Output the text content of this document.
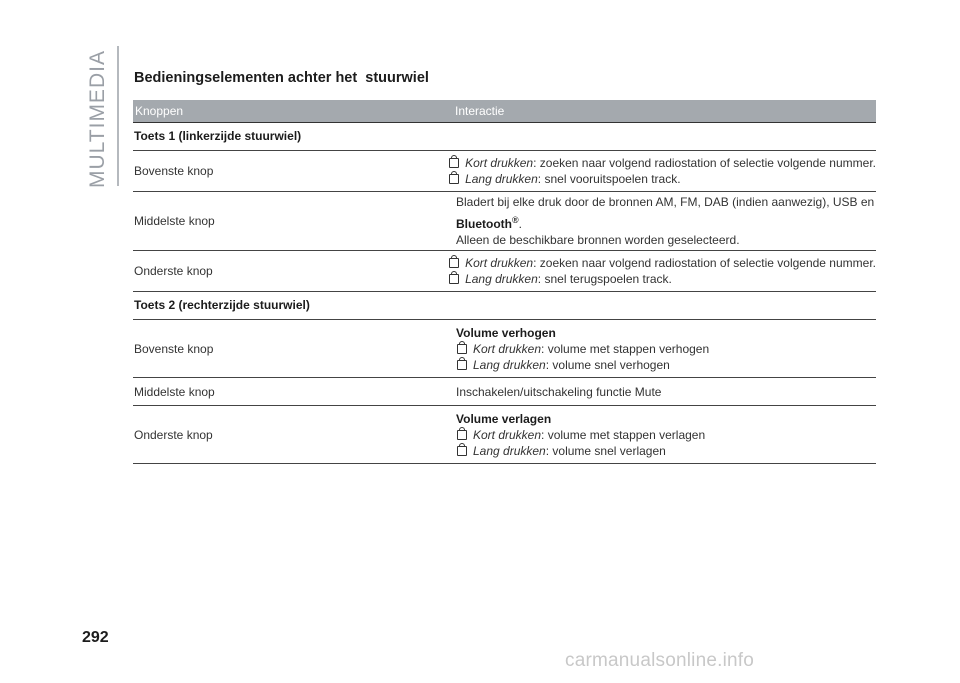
MULTIMEDIA Bedieningselementen achter het  stuurwiel
Knoppen	Interactie
Toets 1 (linkerzijde stuurwiel)
Bovenste knop
Kort drukken : zoeken naar volgend radiostation of selectie volgende nummer.
Lang drukken : snel vooruitspoelen track.
Middelste knop
Bladert bij elke druk door de bronnen AM, FM, DAB (indien aanwezig), USB en
Bluetooth®.
Alleen de beschikbare bronnen worden geselecteerd.
Onderste knop
Kort drukken : zoeken naar volgend radiostation of selectie volgende nummer.
Lang drukken : snel terugspoelen track.
Toets 2 (rechterzijde stuurwiel)
Bovenste knop
Volume verhogen
Kort drukken : volume met stappen verhogen
Lang drukken : volume snel verhogen
Middelste knop	Inschakelen/uitschakeling functie Mute
Onderste knop
Volume verlagen
Kort drukken : volume met stappen verlagen
Lang drukken : volume snel verlagen
292
carmanualsonline.info
